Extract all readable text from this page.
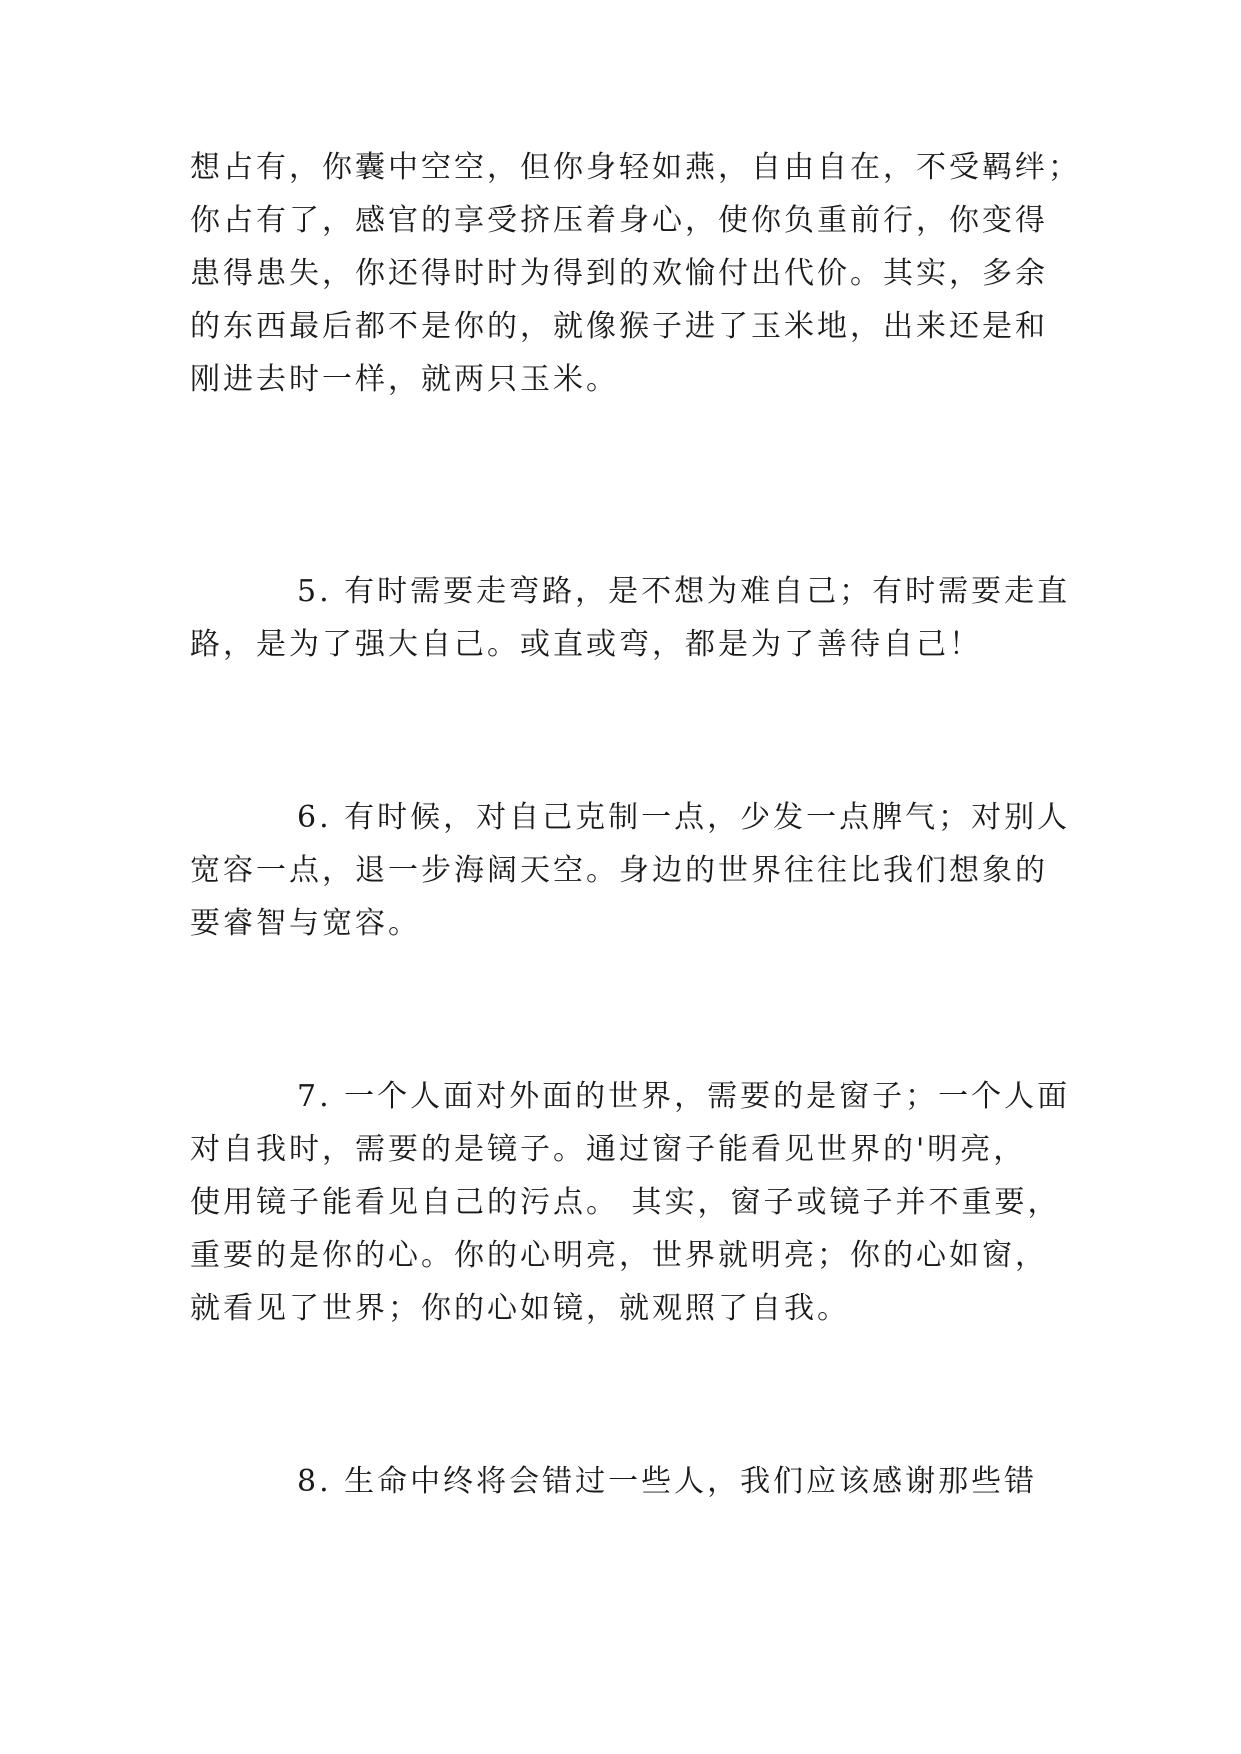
想占有，你囊中空空，但你身轻如燕，自由自在，不受羁绊；
你占有了，感官的享受挤压着身心，使你负重前行，你变得
患得患失，你还得时时为得到的欢愉付出代价。其实，多余
的东西最后都不是你的，就像猴子进了玉米地，出来还是和
刚进去时一样，就两只玉米。
5. 有时需要走弯路，是不想为难自己；有时需要走直
路，是为了强大自己。或直或弯，都是为了善待自己！
6. 有时候，对自己克制一点，少发一点脾气；对别人
宽容一点，退一步海阔天空。身边的世界往往比我们想象的
要睿智与宽容。
7. 一个人面对外面的世界，需要的是窗子；一个人面
对自我时，需要的是镜子。通过窗子能看见世界的'明亮，
使用镜子能看见自己的污点。 其实，窗子或镜子并不重要，
重要的是你的心。你的心明亮，世界就明亮；你的心如窗，
就看见了世界；你的心如镜，就观照了自我。
8. 生命中终将会错过一些人，我们应该感谢那些错
